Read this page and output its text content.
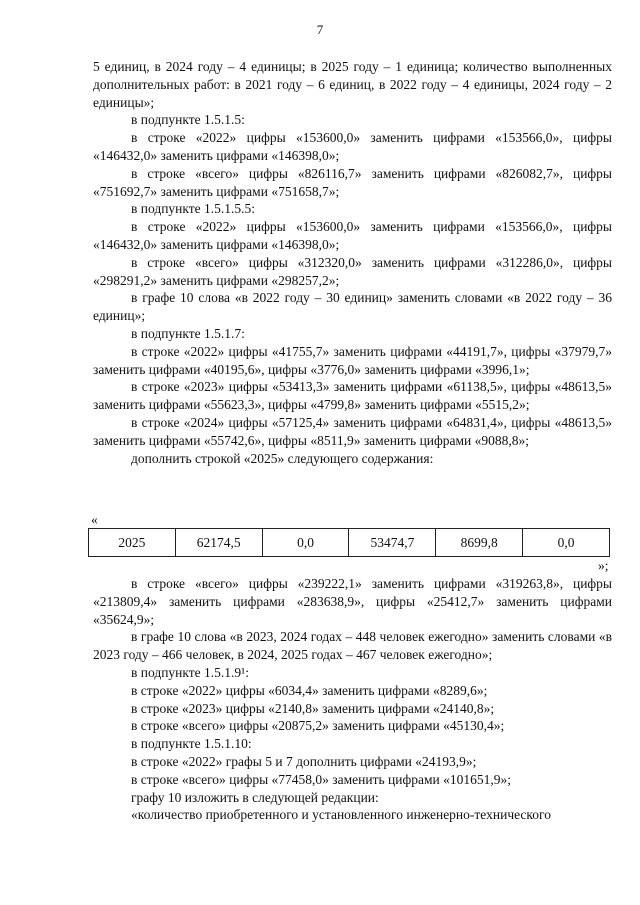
7

5 единиц, в 2024 году – 4 единицы; в 2025 году – 1 единица; количество выполненных дополнительных работ: в 2021 году – 6 единиц, в 2022 году – 4 единицы, 2024 году – 2 единицы»;

в подпункте 1.5.1.5:

в строке «2022» цифры «153600,0» заменить цифрами «153566,0», цифры «146432,0» заменить цифрами «146398,0»;

в строке «всего» цифры «826116,7» заменить цифрами «826082,7», цифры «751692,7» заменить цифрами «751658,7»;

в подпункте 1.5.1.5.5:

в строке «2022» цифры «153600,0» заменить цифрами «153566,0», цифры «146432,0» заменить цифрами «146398,0»;

в строке «всего» цифры «312320,0» заменить цифрами «312286,0», цифры «298291,2» заменить цифрами «298257,2»;

в графе 10 слова «в 2022 году – 30 единиц» заменить словами «в 2022 году – 36 единиц»;

в подпункте 1.5.1.7:

в строке «2022» цифры «41755,7» заменить цифрами «44191,7», цифры «37979,7» заменить цифрами «40195,6», цифры «3776,0» заменить цифрами «3996,1»;

в строке «2023» цифры «53413,3» заменить цифрами «61138,5», цифры «48613,5» заменить цифрами «55623,3», цифры «4799,8» заменить цифрами «5515,2»;

в строке «2024» цифры «57125,4» заменить цифрами «64831,4», цифры «48613,5» заменить цифрами «55742,6», цифры «8511,9» заменить цифрами «9088,8»;

дополнить строкой «2025» следующего содержания:

«
2025	62174,5	0,0	53474,7	8699,8	0,0
»;

в строке «всего» цифры «239222,1» заменить цифрами «319263,8», цифры «213809,4» заменить цифрами «283638,9», цифры «25412,7» заменить цифрами «35624,9»;

в графе 10 слова «в 2023, 2024 годах – 448 человек ежегодно» заменить словами «в 2023 году – 466 человек, в 2024, 2025 годах – 467 человек ежегодно»;

в подпункте 1.5.1.9¹:

в строке «2022» цифры «6034,4» заменить цифрами «8289,6»;

в строке «2023» цифры «2140,8» заменить цифрами «24140,8»;

в строке «всего» цифры «20875,2» заменить цифрами «45130,4»;

в подпункте 1.5.1.10:

в строке «2022» графы 5 и 7 дополнить цифрами «24193,9»;

в строке «всего» цифры «77458,0» заменить цифрами «101651,9»;

графу 10 изложить в следующей редакции:

«количество приобретенного и установленного инженерно-технического
